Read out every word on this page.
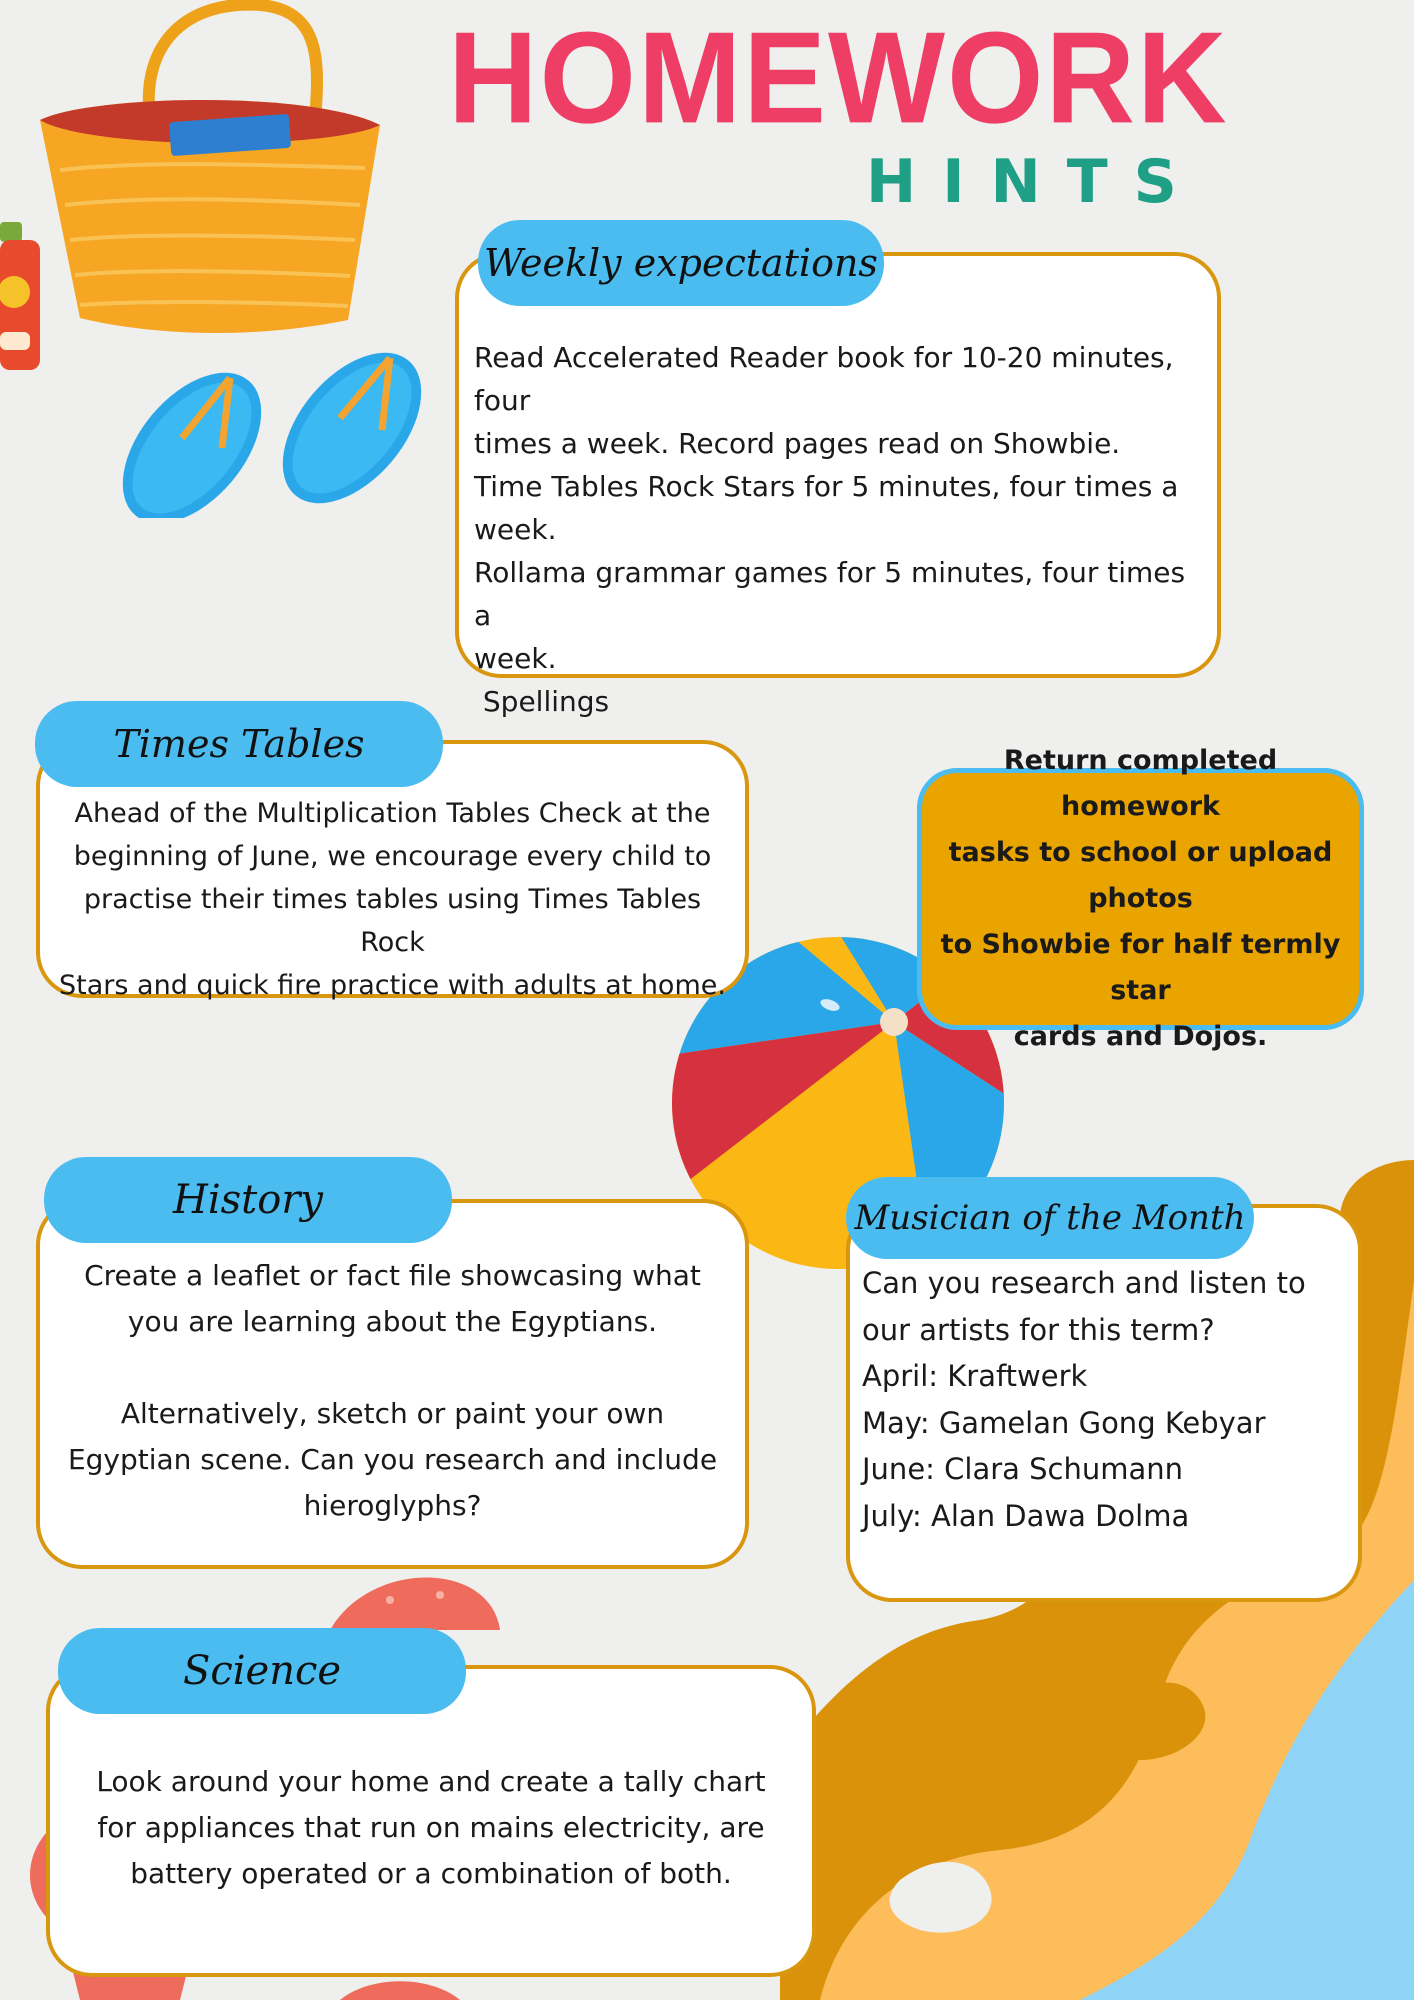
HOMEWORK
HINTS
Read Accelerated Reader book for 10-20 minutes, four
times a week. Record pages read on Showbie.
Time Tables Rock Stars for 5 minutes, four times a
week.
Rollama grammar games for 5 minutes, four times a
week.
Spellings
Weekly expectations
Ahead of the Multiplication Tables Check at the
beginning of June, we encourage every child to
practise their times tables using Times Tables Rock
Stars and quick fire practice with adults at home.
Times Tables	Return completed homework
tasks to school or upload photos
to Showbie for half termly star
cards and Dojos.
Create a leaflet or fact file showcasing what
you are learning about the Egyptians.
Alternatively, sketch or paint your own
Egyptian scene. Can you research and include
hieroglyphs?
History
Can you research and listen to
our artists for this term?
April: Kraftwerk
May: Gamelan Gong Kebyar
June: Clara Schumann
July: Alan Dawa Dolma
Musician of the Month
Look around your home and create a tally chart
for appliances that run on mains electricity, are
battery operated or a combination of both.
Science
